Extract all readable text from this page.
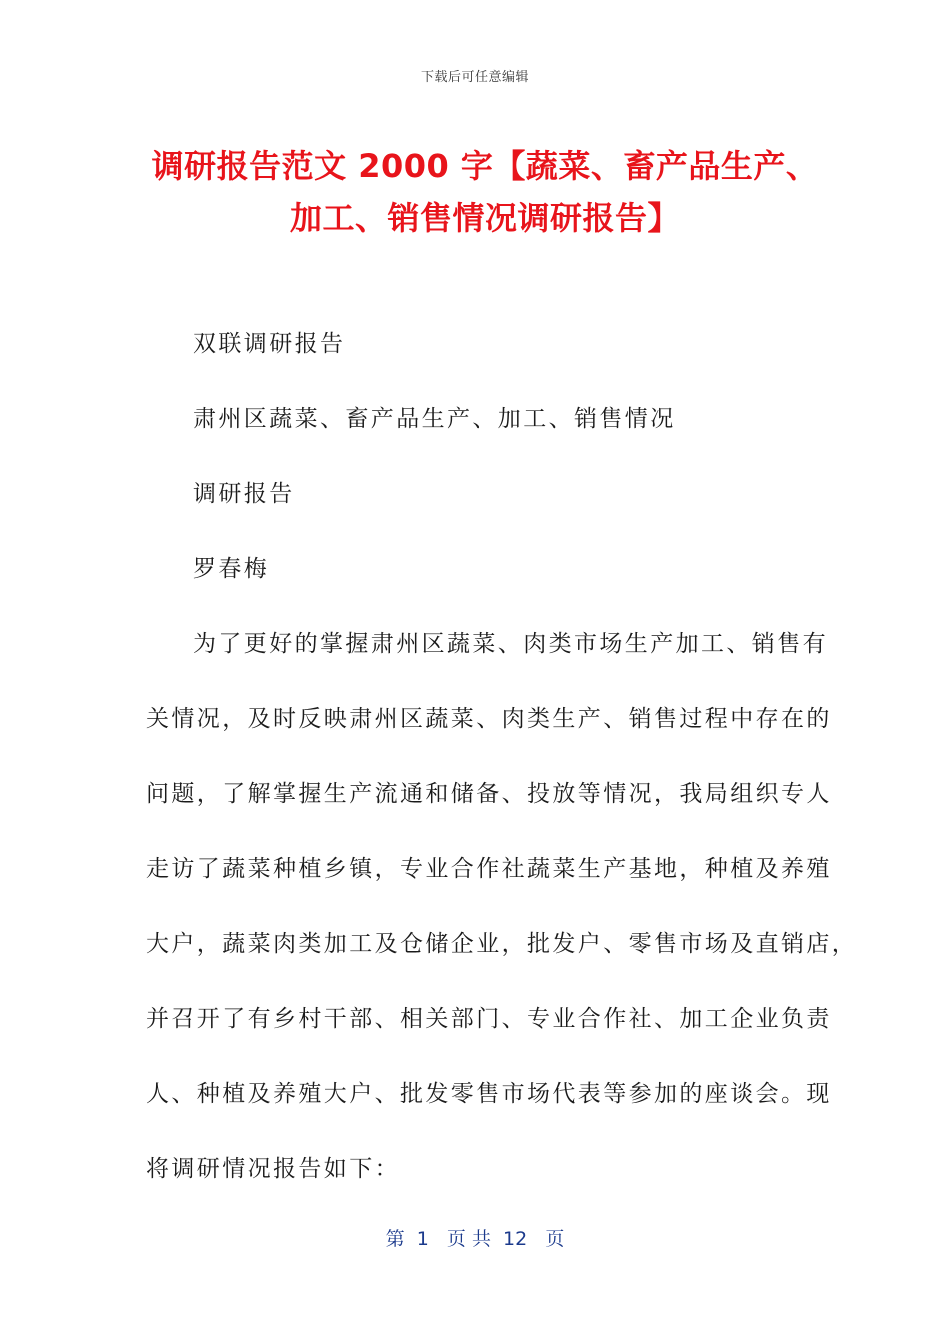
下载后可任意编辑
调研报告范文 2000 字【蔬菜、畜产品生产、
加工、销售情况调研报告】
双联调研报告
肃州区蔬菜、畜产品生产、加工、销售情况
调研报告
罗春梅
为了更好的掌握肃州区蔬菜、肉类市场生产加工、销售有
关情况，及时反映肃州区蔬菜、肉类生产、销售过程中存在的
问题，了解掌握生产流通和储备、投放等情况，我局组织专人
走访了蔬菜种植乡镇，专业合作社蔬菜生产基地，种植及养殖
大户，蔬菜肉类加工及仓储企业，批发户、零售市场及直销店，
并召开了有乡村干部、相关部门、专业合作社、加工企业负责
人、种植及养殖大户、批发零售市场代表等参加的座谈会。现
将调研情况报告如下：
第  1   页 共  12   页
